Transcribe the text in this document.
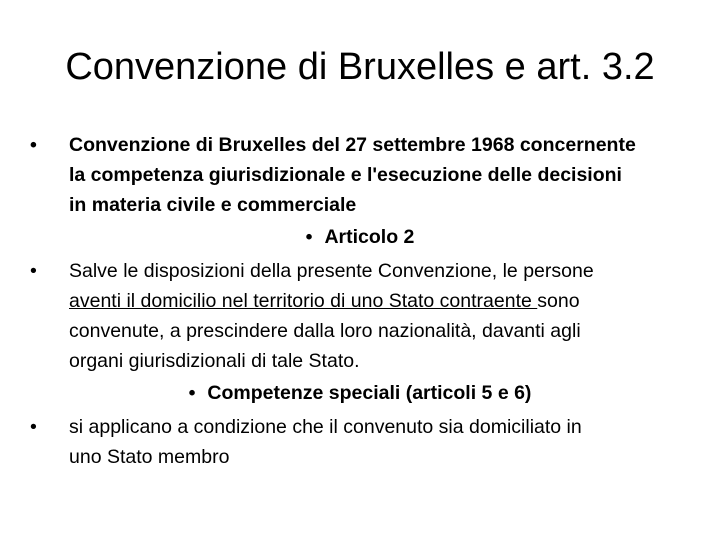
Convenzione di Bruxelles e art. 3.2
•	Convenzione di Bruxelles del 27 settembre 1968 concernente
la competenza giurisdizionale e l'esecuzione delle decisioni
in materia civile e commerciale
• Articolo 2
•	Salve le disposizioni della presente Convenzione, le persone
aventi il domicilio nel territorio di uno Stato contraente sono
convenute, a prescindere dalla loro nazionalità, davanti agli
organi giurisdizionali di tale Stato.
• Competenze speciali (articoli 5 e 6)
•	si applicano a condizione che il convenuto sia domiciliato in
uno Stato membro
